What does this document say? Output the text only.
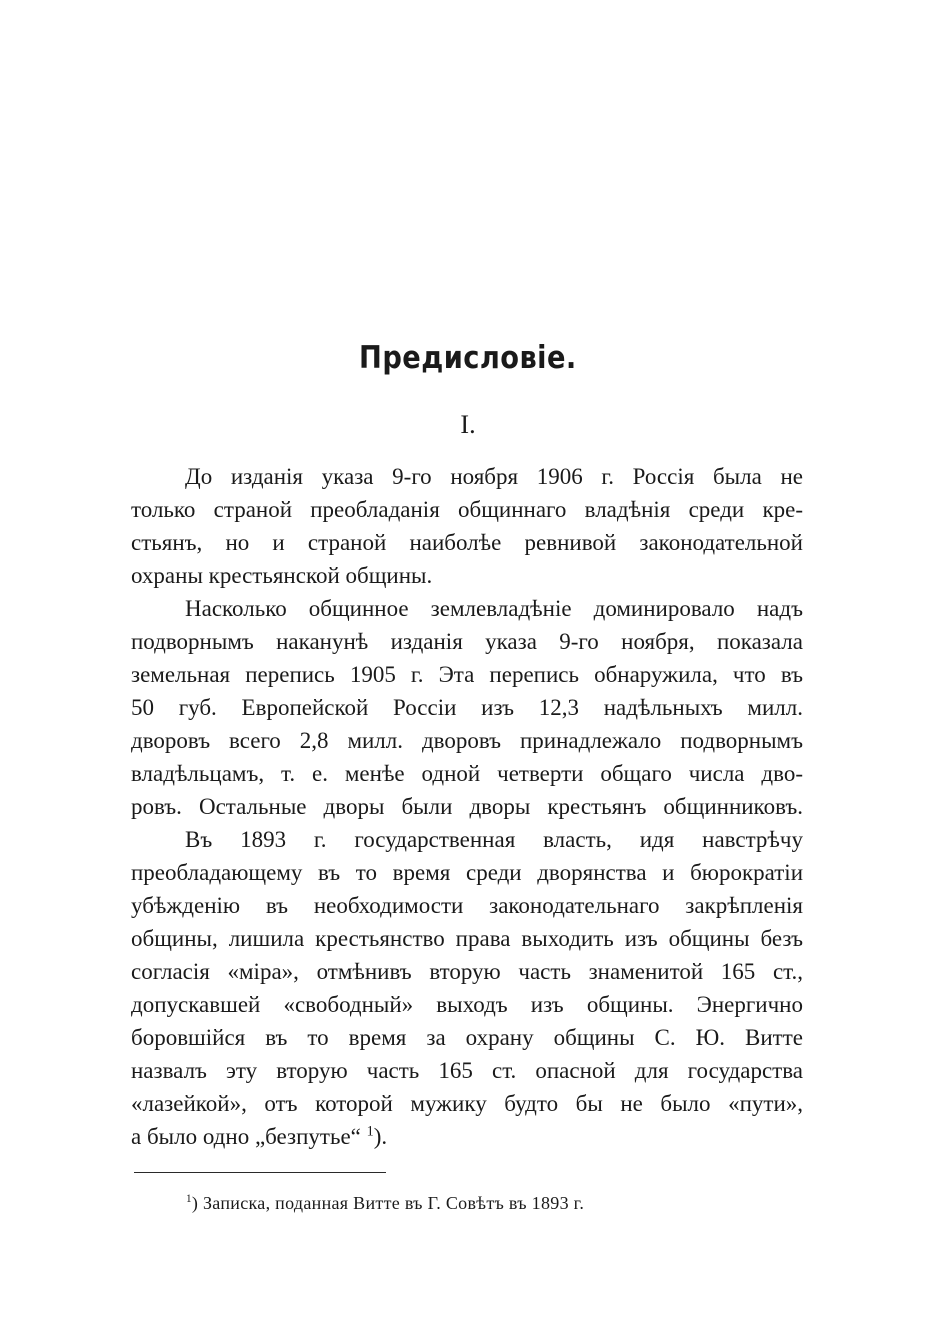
Предисловіе.
I.
До изданія указа 9-го ноября 1906 г. Россія была не
только страной преобладанія общиннаго владѣнія среди кре-
стьянъ, но и страной наиболѣе ревнивой законодательной
охраны крестьянской общины.
Насколько общинное землевладѣніе доминировало надъ
подворнымъ наканунѣ изданія указа 9-го ноября, показала
земельная перепись 1905 г. Эта перепись обнаружила, что въ
50 губ. Европейской Россіи изъ 12,3 надѣльныхъ милл.
дворовъ всего 2,8 милл. дворовъ принадлежало подворнымъ
владѣльцамъ, т. е. менѣе одной четверти общаго числа дво-
ровъ. Остальные дворы были дворы крестьянъ общинниковъ.
Въ 1893 г. государственная власть, идя навстрѣчу
преобладающему въ то время среди дворянства и бюрократіи
убѣжденію въ необходимости законодательнаго закрѣпленія
общины, лишила крестьянство права выходить изъ общины безъ
согласія «міра», отмѣнивъ вторую часть знаменитой 165 ст.,
допускавшей «свободный» выходъ изъ общины. Энергично
боровшійся въ то время за охрану общины С. Ю. Витте
назвалъ эту вторую часть 165 ст. опасной для государства
«лазейкой», отъ которой мужику будто бы не было «пути»,
а было одно „безпутье“ $^1$).
$^1$) Записка, поданная Витте въ Г. Совѣтъ въ 1893 г.
